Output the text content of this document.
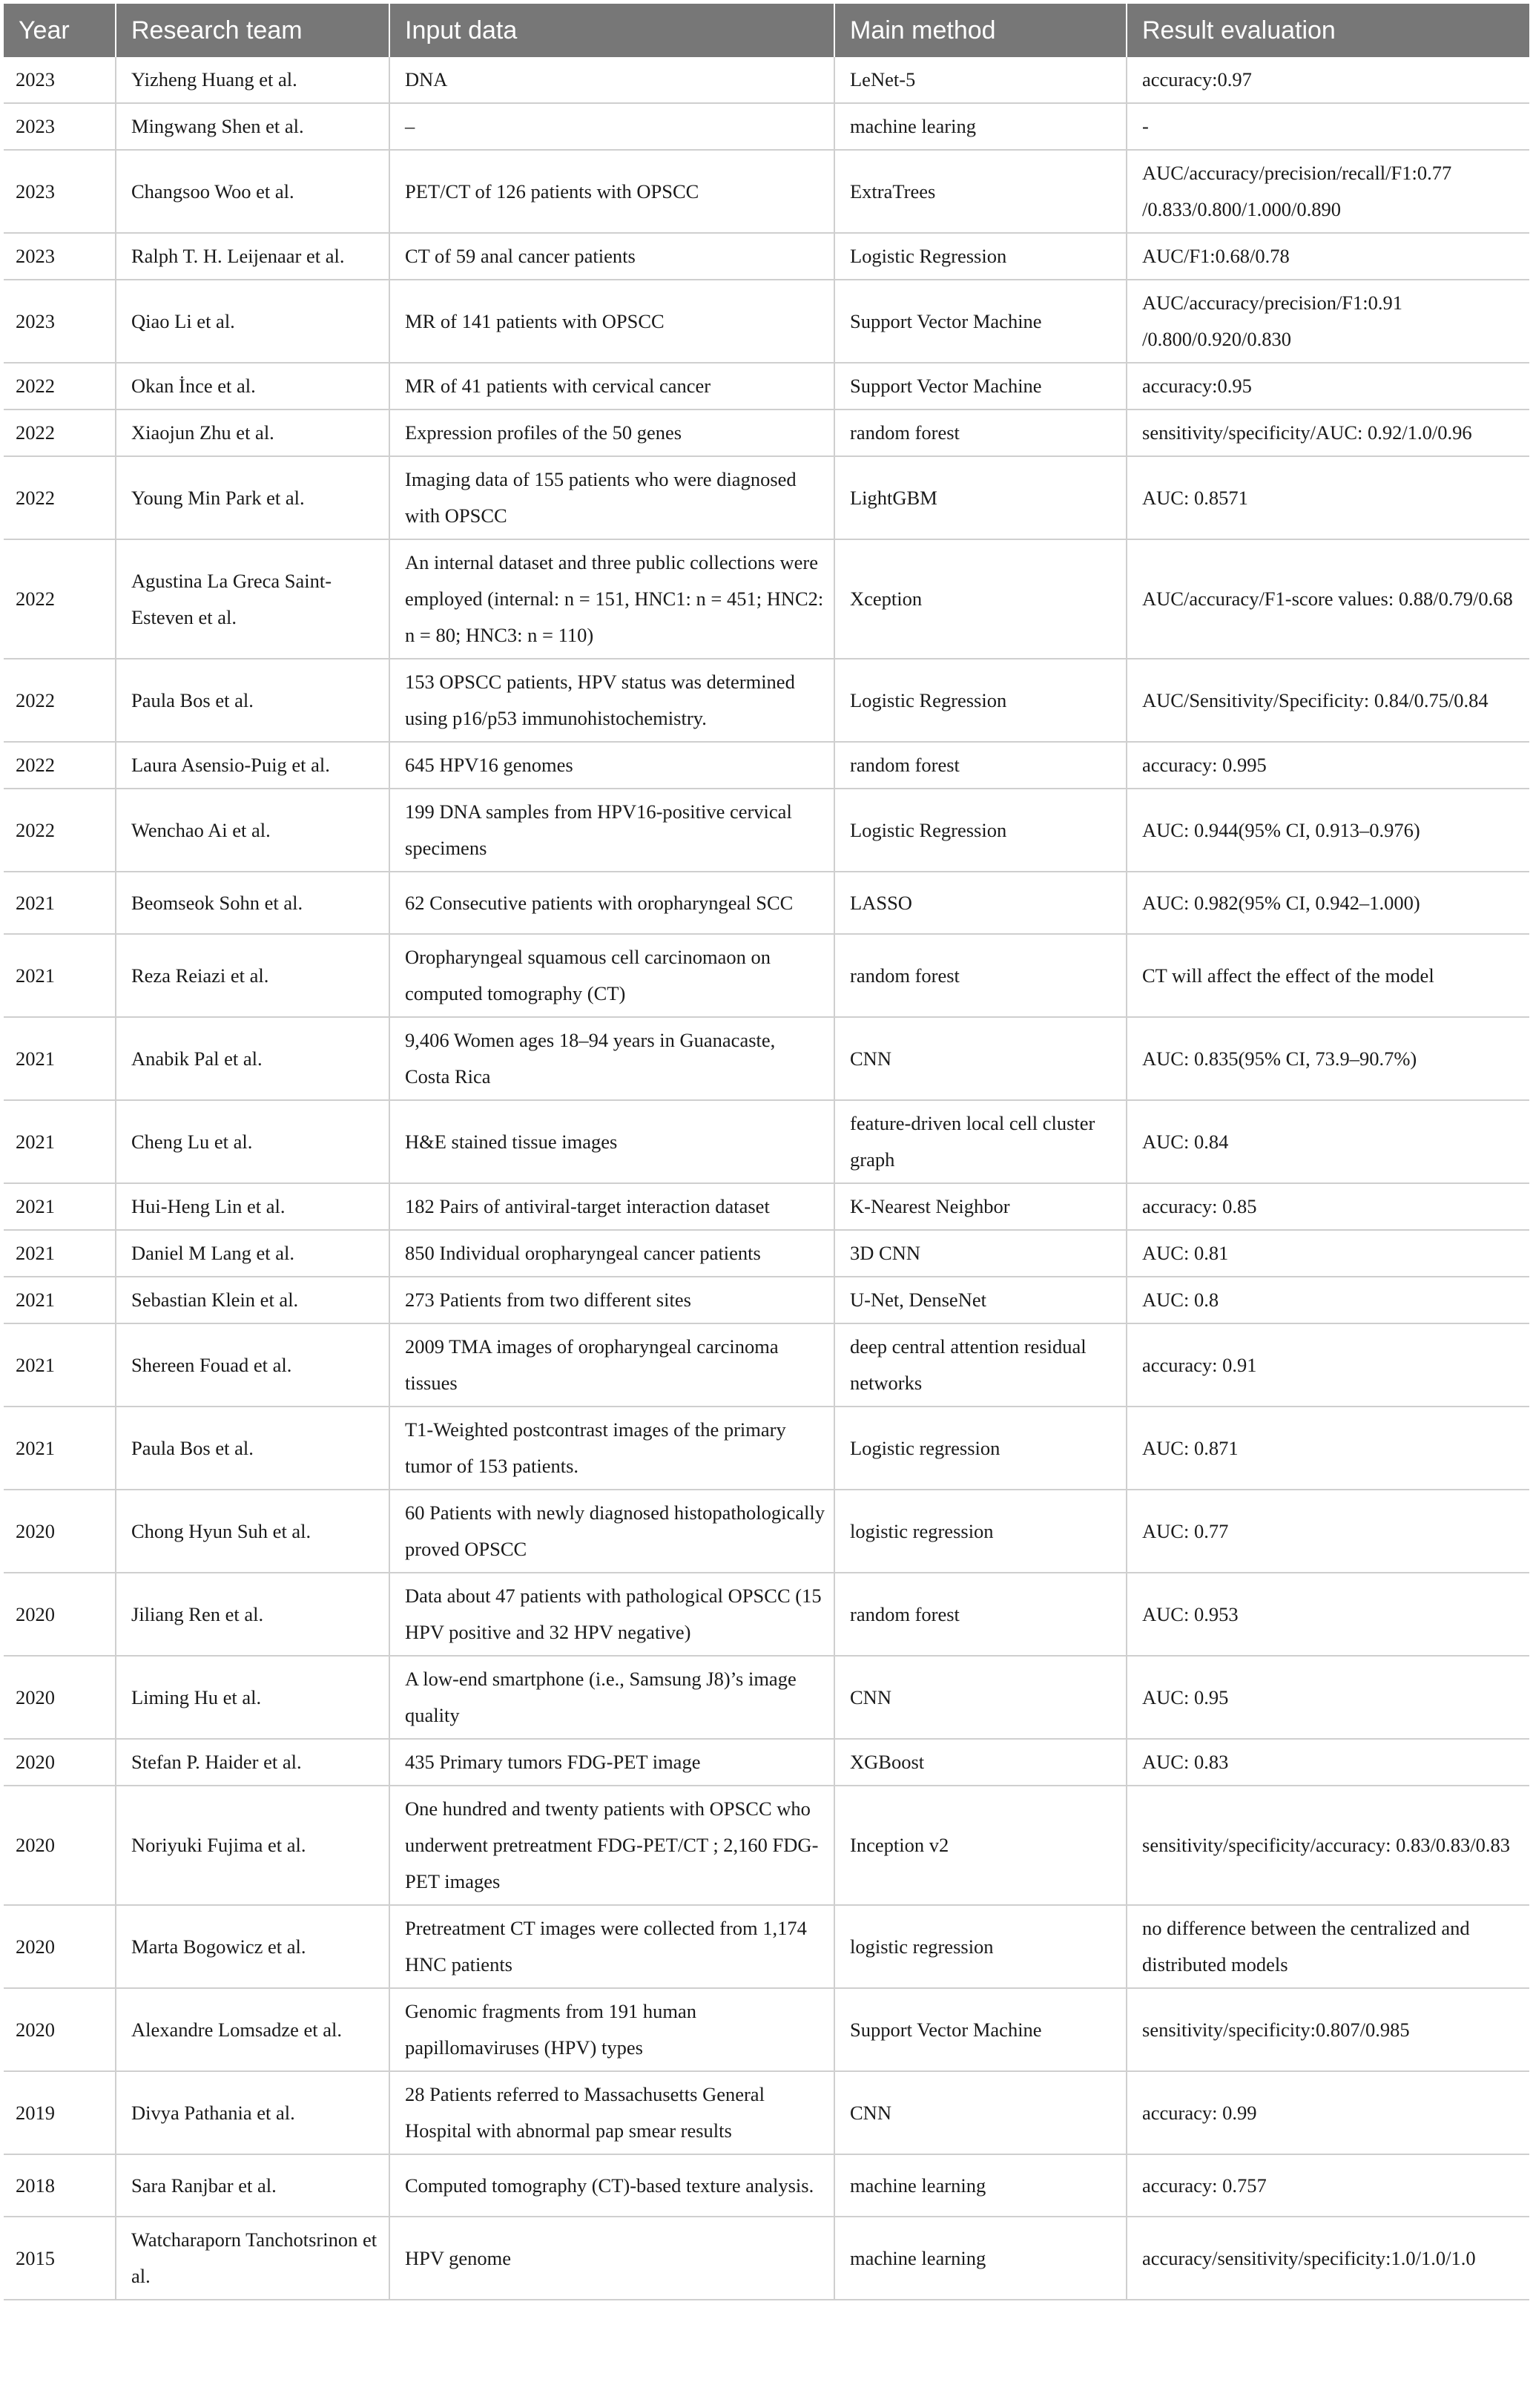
Year	Research team	Input data	Main method	Result evaluation
2023	Yizheng Huang et al.	DNA	LeNet-5	accuracy:0.97
2023	Mingwang Shen et al.	–	machine learing	-
2023	Changsoo Woo et al.	PET/CT of 126 patients with OPSCC	ExtraTrees	AUC/accuracy/precision/recall/F1:0.77 /0.833/0.800/1.000/0.890
2023	Ralph T. H. Leijenaar et al.	CT of 59 anal cancer patients	Logistic Regression	AUC/F1:0.68/0.78
2023	Qiao Li et al.	MR of 141 patients with OPSCC	Support Vector Machine	AUC/accuracy/precision/F1:0.91 /0.800/0.920/0.830
2022	Okan İnce et al.	MR of 41 patients with cervical cancer	Support Vector Machine	accuracy:0.95
2022	Xiaojun Zhu et al.	Expression profiles of the 50 genes	random forest	sensitivity/specificity/AUC: 0.92/1.0/0.96
2022	Young Min Park et al.	Imaging data of 155 patients who were diagnosed with OPSCC	LightGBM	AUC: 0.8571
2022	Agustina La Greca Saint-Esteven et al.	An internal dataset and three public collections were employed (internal: n = 151, HNC1: n = 451; HNC2: n = 80; HNC3: n = 110)	Xception	AUC/accuracy/F1-score values: 0.88/0.79/0.68
2022	Paula Bos et al.	153 OPSCC patients, HPV status was determined using p16/p53 immunohistochemistry.	Logistic Regression	AUC/Sensitivity/Specificity: 0.84/0.75/0.84
2022	Laura Asensio-Puig et al.	645 HPV16 genomes	random forest	accuracy: 0.995
2022	Wenchao Ai et al.	199 DNA samples from HPV16-positive cervical specimens	Logistic Regression	AUC: 0.944(95% CI, 0.913–0.976)
2021	Beomseok Sohn et al.	62 Consecutive patients with oropharyngeal SCC	LASSO	AUC: 0.982(95% CI, 0.942–1.000)
2021	Reza Reiazi et al.	Oropharyngeal squamous cell carcinomaon on computed tomography (CT)	random forest	CT will affect the effect of the model
2021	Anabik Pal et al.	9,406 Women ages 18–94 years in Guanacaste, Costa Rica	CNN	AUC: 0.835(95% CI, 73.9–90.7%)
2021	Cheng Lu et al.	H&E stained tissue images	feature-driven local cell cluster graph	AUC: 0.84
2021	Hui-Heng Lin et al.	182 Pairs of antiviral-target interaction dataset	K-Nearest Neighbor	accuracy: 0.85
2021	Daniel M Lang et al.	850 Individual oropharyngeal cancer patients	3D CNN	AUC: 0.81
2021	Sebastian Klein et al.	273 Patients from two different sites	U-Net, DenseNet	AUC: 0.8
2021	Shereen Fouad et al.	2009 TMA images of oropharyngeal carcinoma tissues	deep central attention residual networks	accuracy: 0.91
2021	Paula Bos et al.	T1-Weighted postcontrast images of the primary tumor of 153 patients.	Logistic regression	AUC: 0.871
2020	Chong Hyun Suh et al.	60 Patients with newly diagnosed histopathologically proved OPSCC	logistic regression	AUC: 0.77
2020	Jiliang Ren et al.	Data about 47 patients with pathological OPSCC (15 HPV positive and 32 HPV negative)	random forest	AUC: 0.953
2020	Liming Hu et al.	A low-end smartphone (i.e., Samsung J8)’s image quality	CNN	AUC: 0.95
2020	Stefan P. Haider et al.	435 Primary tumors FDG-PET image	XGBoost	AUC: 0.83
2020	Noriyuki Fujima et al.	One hundred and twenty patients with OPSCC who underwent pretreatment FDG-PET/CT ; 2,160 FDG-PET images	Inception v2	sensitivity/specificity/accuracy: 0.83/0.83/0.83
2020	Marta Bogowicz et al.	Pretreatment CT images were collected from 1,174 HNC patients	logistic regression	no difference between the centralized and distributed models
2020	Alexandre Lomsadze et al.	Genomic fragments from 191 human papillomaviruses (HPV) types	Support Vector Machine	sensitivity/specificity:0.807/0.985
2019	Divya Pathania et al.	28 Patients referred to Massachusetts General Hospital with abnormal pap smear results	CNN	accuracy: 0.99
2018	Sara Ranjbar et al.	Computed tomography (CT)-based texture analysis.	machine learning	accuracy: 0.757
2015	Watcharaporn Tanchotsrinon et al.	HPV genome	machine learning	accuracy/sensitivity/specificity:1.0/1.0/1.0
